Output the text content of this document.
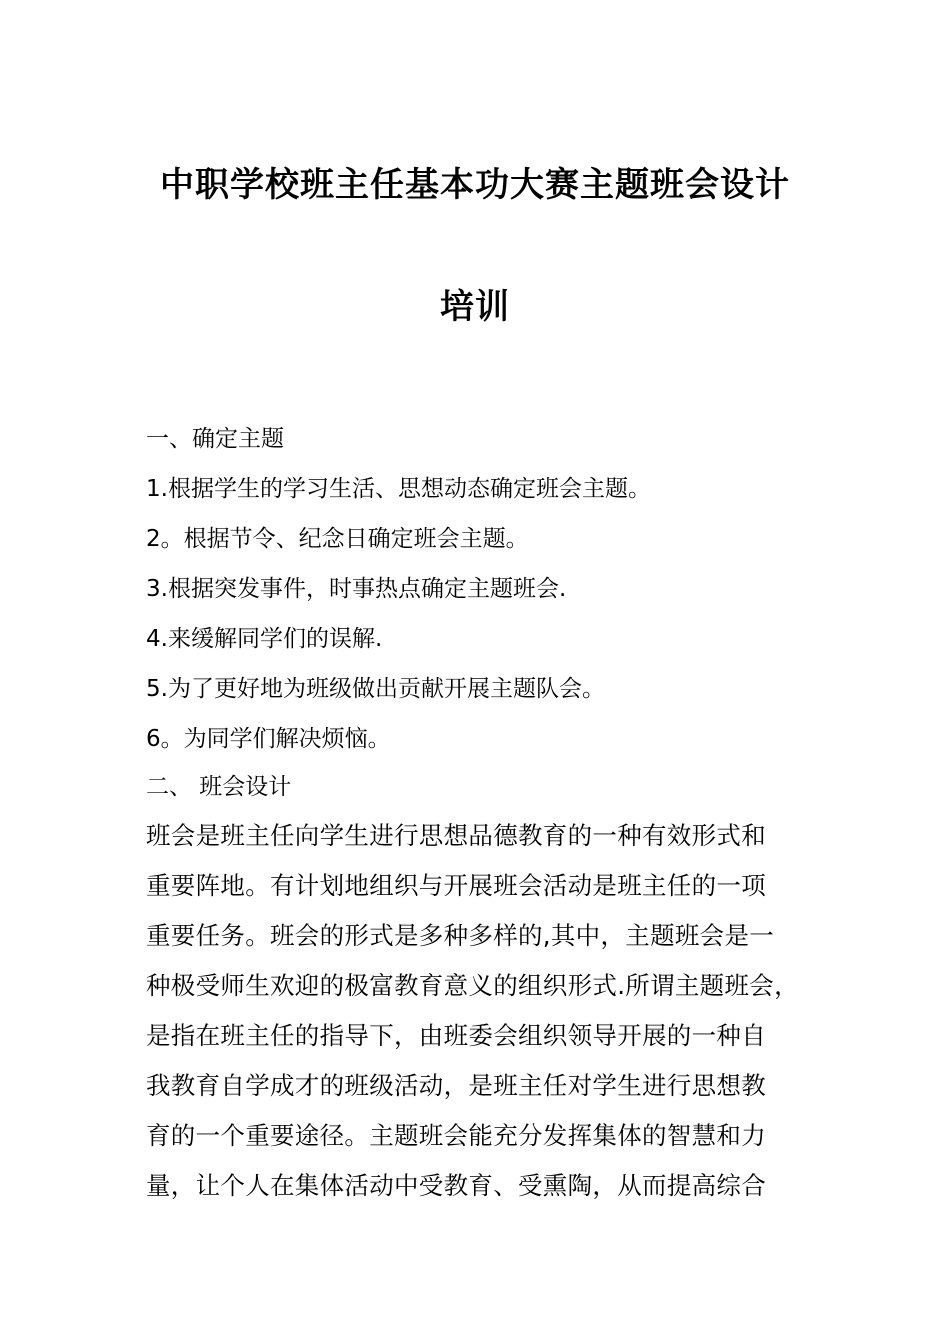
中职学校班主任基本功大赛主题班会设计
培训
一、确定主题
1.根据学生的学习生活、思想动态确定班会主题。
2。根据节令、纪念日确定班会主题。
3.根据突发事件，时事热点确定主题班会.
4.来缓解同学们的误解.
5.为了更好地为班级做出贡献开展主题队会。
6。为同学们解决烦恼。
二、 班会设计
班会是班主任向学生进行思想品德教育的一种有效形式和
重要阵地。有计划地组织与开展班会活动是班主任的一项
重要任务。班会的形式是多种多样的,其中，主题班会是一
种极受师生欢迎的极富教育意义的组织形式.所谓主题班会，
是指在班主任的指导下，由班委会组织领导开展的一种自
我教育自学成才的班级活动，是班主任对学生进行思想教
育的一个重要途径。主题班会能充分发挥集体的智慧和力
量，让个人在集体活动中受教育、受熏陶，从而提高综合
